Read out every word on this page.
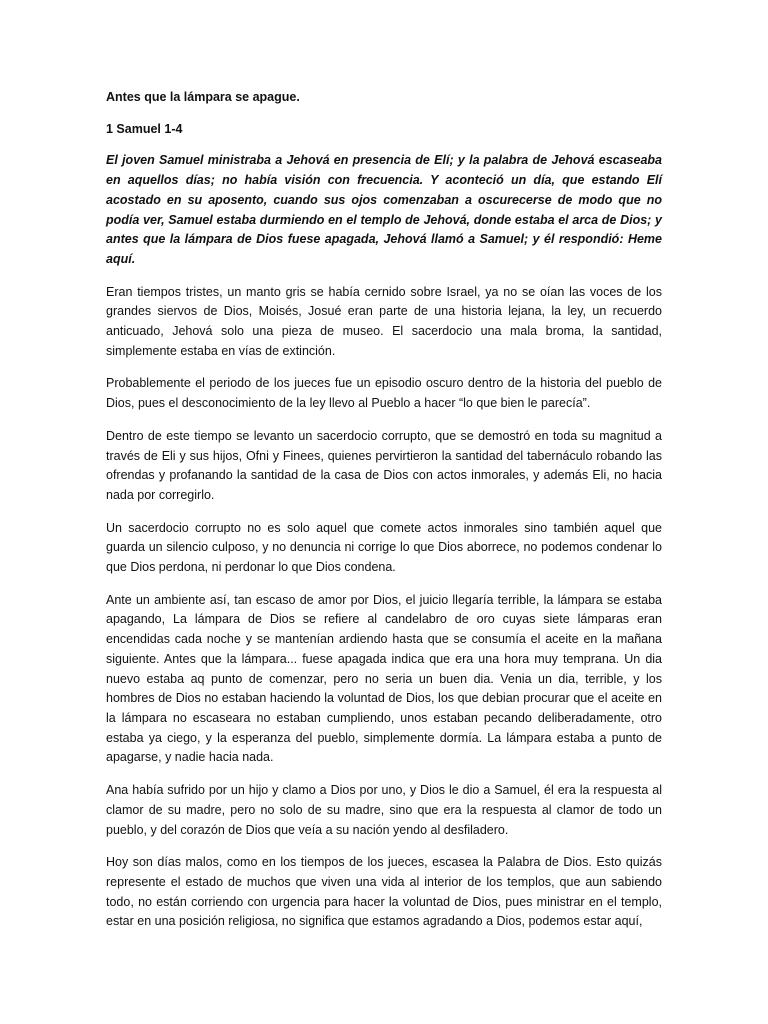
Antes que la lámpara se apague.

1 Samuel 1-4

El joven Samuel ministraba a Jehová en presencia de Elí; y la palabra de Jehová escaseaba en aquellos días; no había visión con frecuencia. Y aconteció un día, que estando Elí acostado en su aposento, cuando sus ojos comenzaban a oscurecerse de modo que no podía ver, Samuel estaba durmiendo en el templo de Jehová, donde estaba el arca de Dios; y antes que la lámpara de Dios fuese apagada, Jehová llamó a Samuel; y él respondió: Heme aquí.

Eran tiempos tristes, un manto gris se había cernido sobre Israel, ya no se oían las voces de los grandes siervos de Dios, Moisés, Josué eran parte de una historia lejana, la ley, un recuerdo anticuado, Jehová solo una pieza de museo. El sacerdocio una mala broma, la santidad, simplemente estaba en vías de extinción.

Probablemente el periodo de los jueces fue un episodio oscuro dentro de la historia del pueblo de Dios, pues el desconocimiento de la ley llevo al Pueblo a hacer “lo que bien le parecía”.

Dentro de este tiempo se levanto un sacerdocio corrupto, que se demostró en toda su magnitud a través de Eli y sus hijos, Ofni y Finees, quienes pervirtieron la santidad del tabernáculo robando las ofrendas y profanando la santidad de la casa de Dios con actos inmorales, y además Eli, no hacia nada por corregirlo.

Un sacerdocio corrupto no es solo aquel que comete actos inmorales sino también aquel que guarda un silencio culposo, y no denuncia ni corrige lo que Dios aborrece, no podemos condenar lo que Dios perdona, ni perdonar lo que Dios condena.

Ante un ambiente así, tan escaso de amor por Dios, el juicio llegaría terrible, la lámpara se estaba apagando, La lámpara de Dios se refiere al candelabro de oro cuyas siete lámparas eran encendidas cada noche y se mantenían ardiendo hasta que se consumía el aceite en la mañana siguiente. Antes que la lámpara... fuese apagada indica que era una hora muy temprana. Un dia nuevo estaba aq punto de comenzar, pero no seria un buen dia. Venia un dia, terrible, y los hombres de Dios no estaban haciendo la voluntad de Dios, los que debian procurar que el aceite en la lámpara no escaseara no estaban cumpliendo, unos estaban pecando deliberadamente, otro estaba ya ciego, y la esperanza del pueblo, simplemente dormía. La lámpara estaba a punto de apagarse, y nadie hacia nada.

Ana había sufrido por un hijo y clamo a Dios por uno, y Dios le dio a Samuel, él era la respuesta al clamor de su madre, pero no solo de su madre, sino que era la respuesta al clamor de todo un pueblo, y del corazón de Dios que veía a su nación yendo al desfiladero.

Hoy son días malos, como en los tiempos de los jueces, escasea la Palabra de Dios. Esto quizás represente el estado de muchos que viven una vida al interior de los templos, que aun sabiendo todo, no están corriendo con urgencia para hacer la voluntad de Dios, pues ministrar en el templo, estar en una posición religiosa, no significa que estamos agradando a Dios, podemos estar aquí,
